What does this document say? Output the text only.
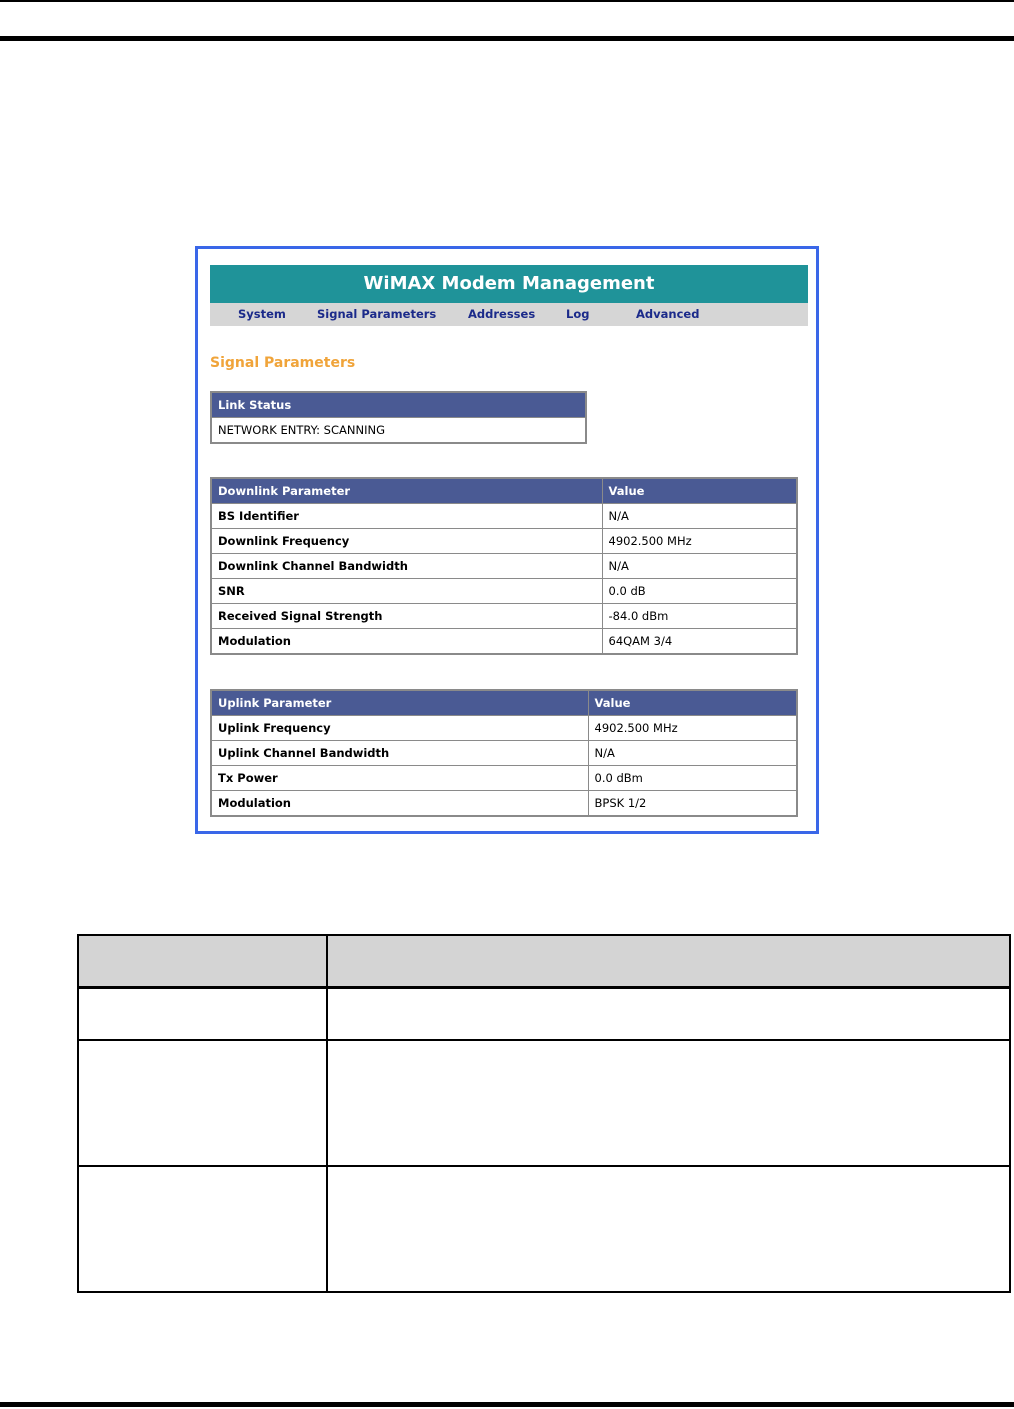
WiMAX Modem Management
System	Signal Parameters	Addresses	Log	Advanced
Signal Parameters
Link Status
NETWORK ENTRY: SCANNING
Downlink Parameter	Value
BS Identifier	N/A
Downlink Frequency	4902.500 MHz
Downlink Channel Bandwidth	N/A
SNR	0.0 dB
Received Signal Strength	-84.0 dBm
Modulation	64QAM 3/4
Uplink Parameter	Value
Uplink Frequency	4902.500 MHz
Uplink Channel Bandwidth	N/A
Tx Power	0.0 dBm
Modulation	BPSK 1/2
